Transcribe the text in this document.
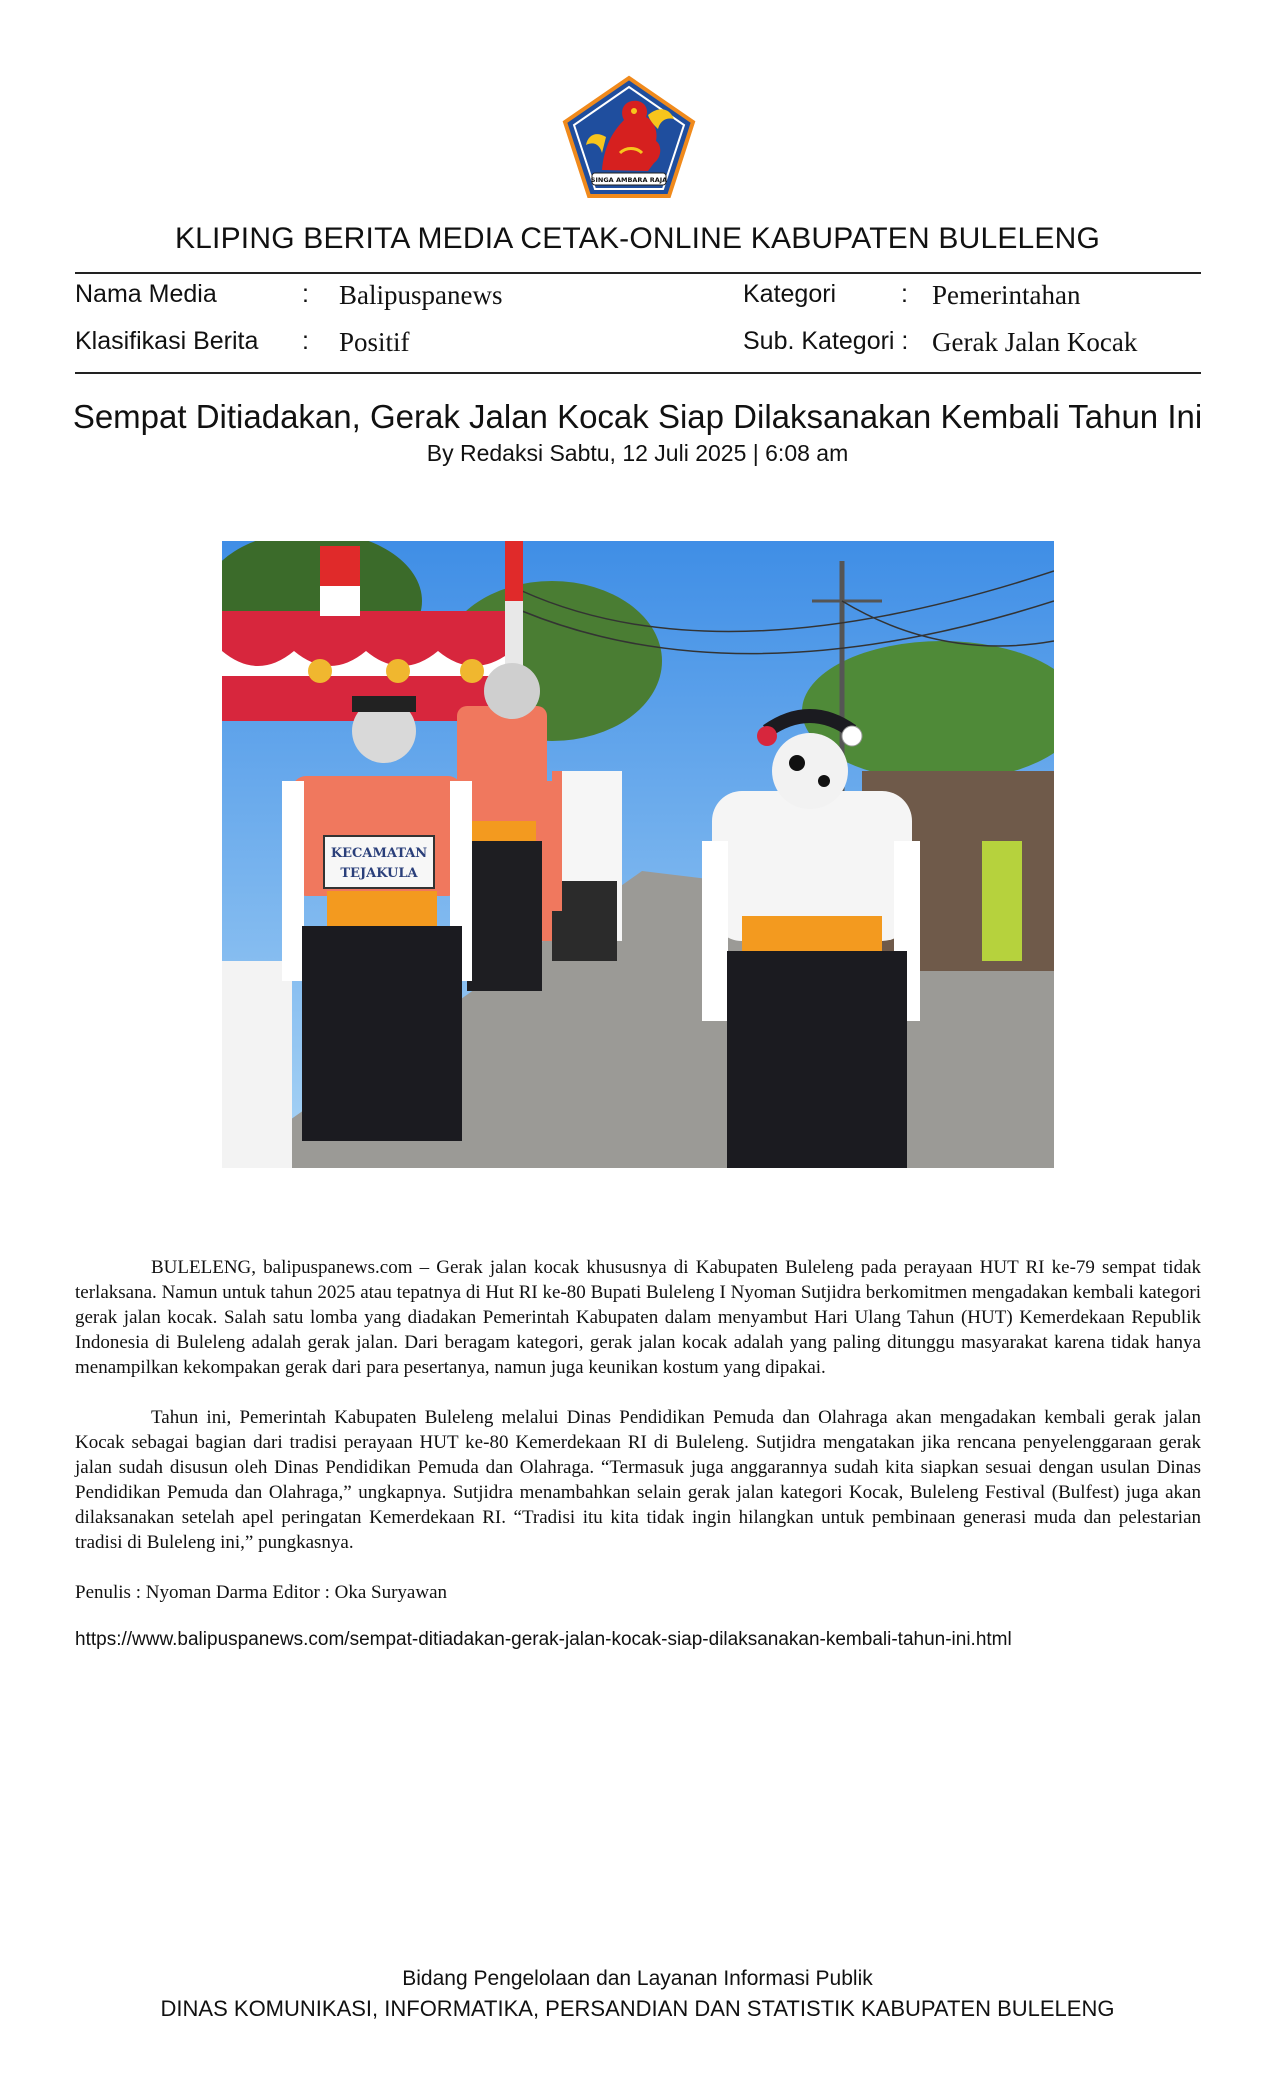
SINGA AMBARA RAJA
KLIPING BERITA MEDIA CETAK-ONLINE KABUPATEN BULELENG
Nama Media	: Balipuspanews	Kategori	: Pemerintahan
Klasifikasi Berita : Positif	Sub. Kategori : Gerak Jalan Kocak
Sempat Ditiadakan, Gerak Jalan Kocak Siap Dilaksanakan Kembali Tahun Ini
By Redaksi Sabtu, 12 Juli 2025 | 6:08 am
KECAMATAN
TEJAKULA

BULELENG, balipuspanews.com – Gerak jalan kocak khususnya di Kabupaten Buleleng pada perayaan HUT RI ke-79 sempat tidak terlaksana. Namun untuk tahun 2025 atau tepatnya di Hut RI ke-80 Bupati Buleleng I Nyoman Sutjidra berkomitmen mengadakan kembali kategori gerak jalan kocak. Salah satu lomba yang diadakan Pemerintah Kabupaten dalam menyambut Hari Ulang Tahun (HUT) Kemerdekaan Republik Indonesia di Buleleng adalah gerak jalan. Dari beragam kategori, gerak jalan kocak adalah yang paling ditunggu masyarakat karena tidak hanya menampilkan kekompakan gerak dari para pesertanya, namun juga keunikan kostum yang dipakai.

Tahun ini, Pemerintah Kabupaten Buleleng melalui Dinas Pendidikan Pemuda dan Olahraga akan mengadakan kembali gerak jalan Kocak sebagai bagian dari tradisi perayaan HUT ke-80 Kemerdekaan RI di Buleleng. Sutjidra mengatakan jika rencana penyelenggaraan gerak jalan sudah disusun oleh Dinas Pendidikan Pemuda dan Olahraga. “Termasuk juga anggarannya sudah kita siapkan sesuai dengan usulan Dinas Pendidikan Pemuda dan Olahraga,” ungkapnya. Sutjidra menambahkan selain gerak jalan kategori Kocak, Buleleng Festival (Bulfest) juga akan dilaksanakan setelah apel peringatan Kemerdekaan RI. “Tradisi itu kita tidak ingin hilangkan untuk pembinaan generasi muda dan pelestarian tradisi di Buleleng ini,” pungkasnya.

Penulis : Nyoman Darma Editor : Oka Suryawan
https://www.balipuspanews.com/sempat-ditiadakan-gerak-jalan-kocak-siap-dilaksanakan-kembali-tahun-ini.html
Bidang Pengelolaan dan Layanan Informasi Publik
DINAS KOMUNIKASI, INFORMATIKA, PERSANDIAN DAN STATISTIK KABUPATEN BULELENG
